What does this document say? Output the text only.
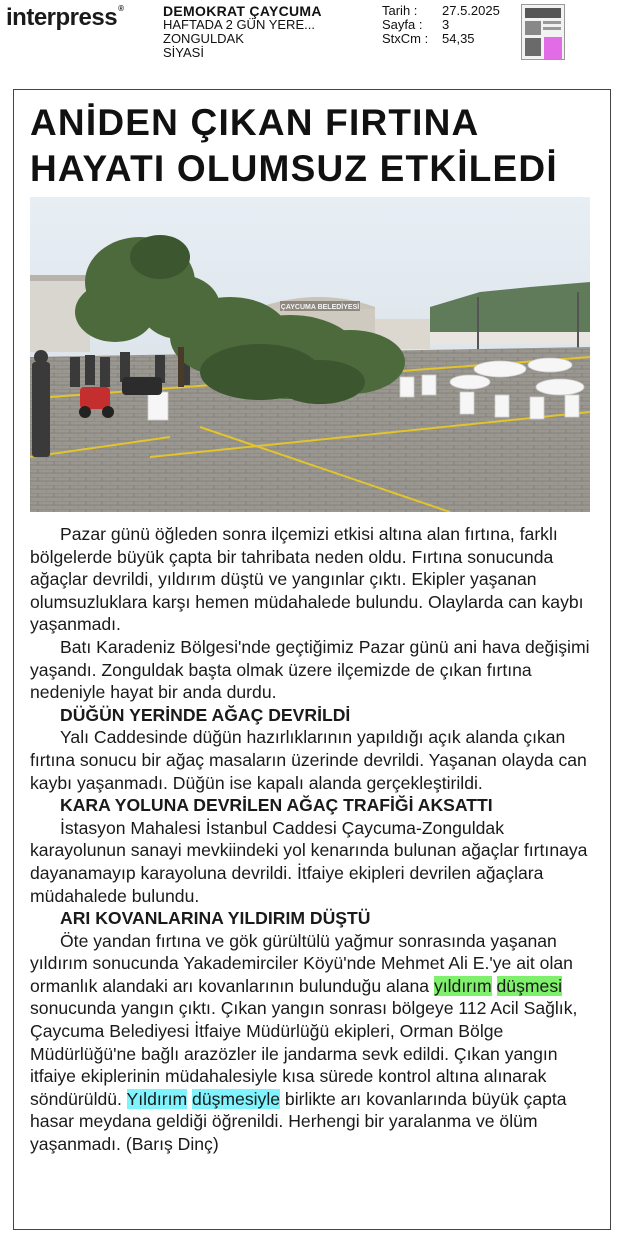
interpress®	DEMOKRAT ÇAYCUMA
HAFTADA 2 GÜN YERE...
ZONGULDAK
SİYASİ
Tarih :	27.5.2025
Sayfa :	3
StxCm :	54,35
ANİDEN ÇIKAN FIRTINA
HAYATI OLUMSUZ ETKİLEDİ
ÇAYCUMA BELEDİYESİ

Pazar günü öğleden sonra ilçemizi etkisi altına alan fırtına, farklı bölgelerde büyük çapta bir tahribata neden oldu. Fırtına sonucunda ağaçlar devrildi, yıldırım düştü ve yangınlar çıktı. Ekipler yaşanan olumsuzluklara karşı hemen müdahalede bulundu. Olaylarda can kaybı yaşanmadı.

Batı Karadeniz Bölgesi'nde geçtiğimiz Pazar günü ani hava değişimi yaşandı. Zonguldak başta olmak üzere ilçemizde de çıkan fırtına nedeniyle hayat bir anda durdu.

DÜĞÜN YERİNDE AĞAÇ DEVRİLDİ

Yalı Caddesinde düğün hazırlıklarının yapıldığı açık alanda çıkan fırtına sonucu bir ağaç masaların üzerinde devrildi. Yaşanan olayda can kaybı yaşanmadı. Düğün ise kapalı alanda gerçekleştirildi.

KARA YOLUNA DEVRİLEN AĞAÇ TRAFİĞİ AKSATTI

İstasyon Mahalesi İstanbul Caddesi Çaycuma-Zonguldak karayolunun sanayi mevkiindeki yol kenarında bulunan ağaçlar fırtınaya dayanamayıp karayoluna devrildi. İtfaiye ekipleri devrilen ağaçlara müdahalede bulundu.

ARI KOVANLARINA YILDIRIM DÜŞTÜ

Öte yandan fırtına ve gök gürültülü yağmur sonrasında yaşanan yıldırım sonucunda Yakademirciler Köyü'nde Mehmet Ali E.'ye ait olan ormanlık alandaki arı kovanlarının bulunduğu alana yıldırım düşmesi sonucunda yangın çıktı. Çıkan yangın sonrası bölgeye 112 Acil Sağlık, Çaycuma Belediyesi İtfaiye Müdürlüğü ekipleri, Orman Bölge Müdürlüğü'ne bağlı arazözler ile jandarma sevk edildi. Çıkan yangın itfaiye ekiplerinin müdahalesiyle kısa sürede kontrol altına alınarak söndürüldü. Yıldırım düşmesiyle birlikte arı kovanlarında büyük çapta hasar meydana geldiği öğrenildi. Herhengi bir yaralanma ve ölüm yaşanmadı. (Barış Dinç)
